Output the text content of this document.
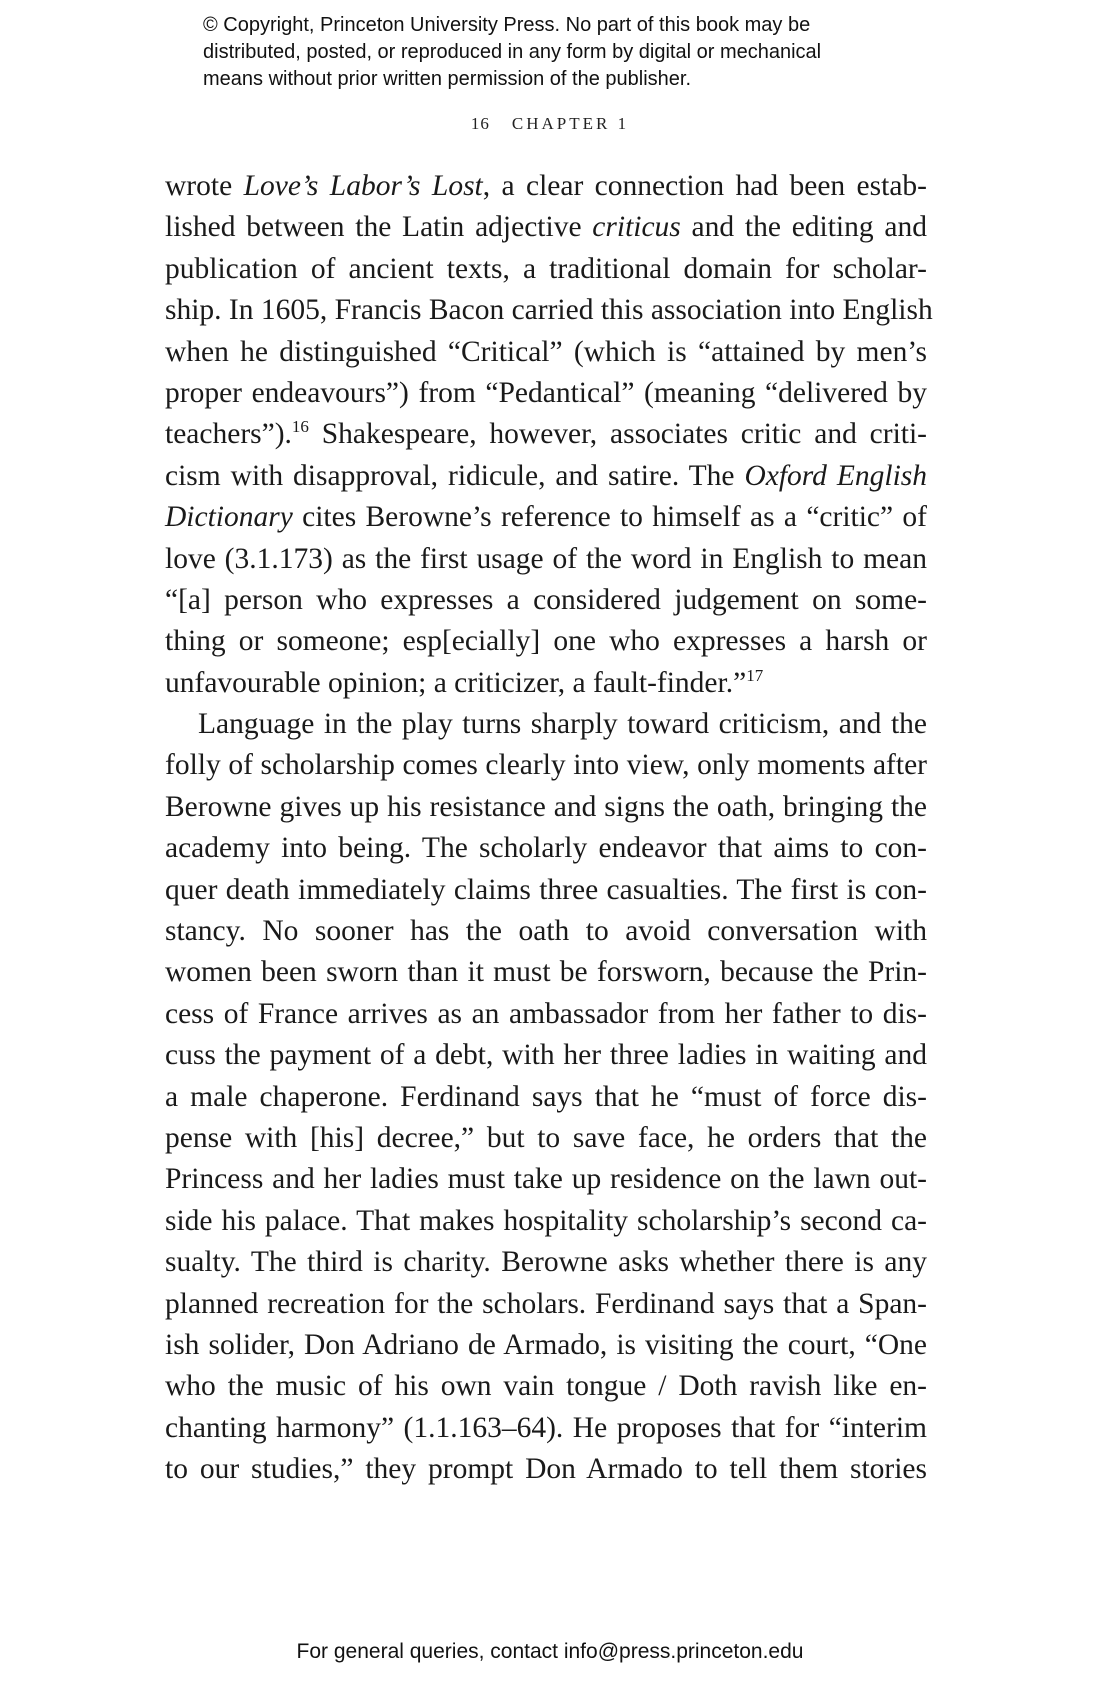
© Copyright, Princeton University Press. No part of this book may be
distributed, posted, or reproduced in any form by digital or mechanical
means without prior written permission of the publisher.
16 CHAPTER 1
wrote Love’s Labor’s Lost, a clear connection had been estab-
lished between the Latin adjective criticus and the editing and
publication of ancient texts, a traditional domain for scholar-
ship. In 1605, Francis Bacon carried this association into English
when he distinguished “Critical” (which is “attained by men’s
proper endeavours”) from “Pedantical” (meaning “delivered by
teachers”).$^{16}$ Shakespeare, however, associates critic and criti-
cism with disapproval, ridicule, and satire. The Oxford English
Dictionary cites Berowne’s reference to himself as a “critic” of
love (3.1.173) as the first usage of the word in English to mean
“[a] person who expresses a considered judgement on some-
thing or someone; esp[ecially] one who expresses a harsh or
unfavourable opinion; a criticizer, a fault-finder.”$^{17}$
Language in the play turns sharply toward criticism, and the
folly of scholarship comes clearly into view, only moments after
Berowne gives up his resistance and signs the oath, bringing the
academy into being. The scholarly endeavor that aims to con-
quer death immediately claims three casualties. The first is con-
stancy. No sooner has the oath to avoid conversation with
women been sworn than it must be forsworn, because the Prin-
cess of France arrives as an ambassador from her father to dis-
cuss the payment of a debt, with her three ladies in waiting and
a male chaperone. Ferdinand says that he “must of force dis-
pense with [his] decree,” but to save face, he orders that the
Princess and her ladies must take up residence on the lawn out-
side his palace. That makes hospitality scholarship’s second ca-
sualty. The third is charity. Berowne asks whether there is any
planned recreation for the scholars. Ferdinand says that a Span-
ish solider, Don Adriano de Armado, is visiting the court, “One
who the music of his own vain tongue / Doth ravish like en-
chanting harmony” (1.1.163–64). He proposes that for “interim
to our studies,” they prompt Don Armado to tell them stories
For general queries, contact info@press.princeton.edu
